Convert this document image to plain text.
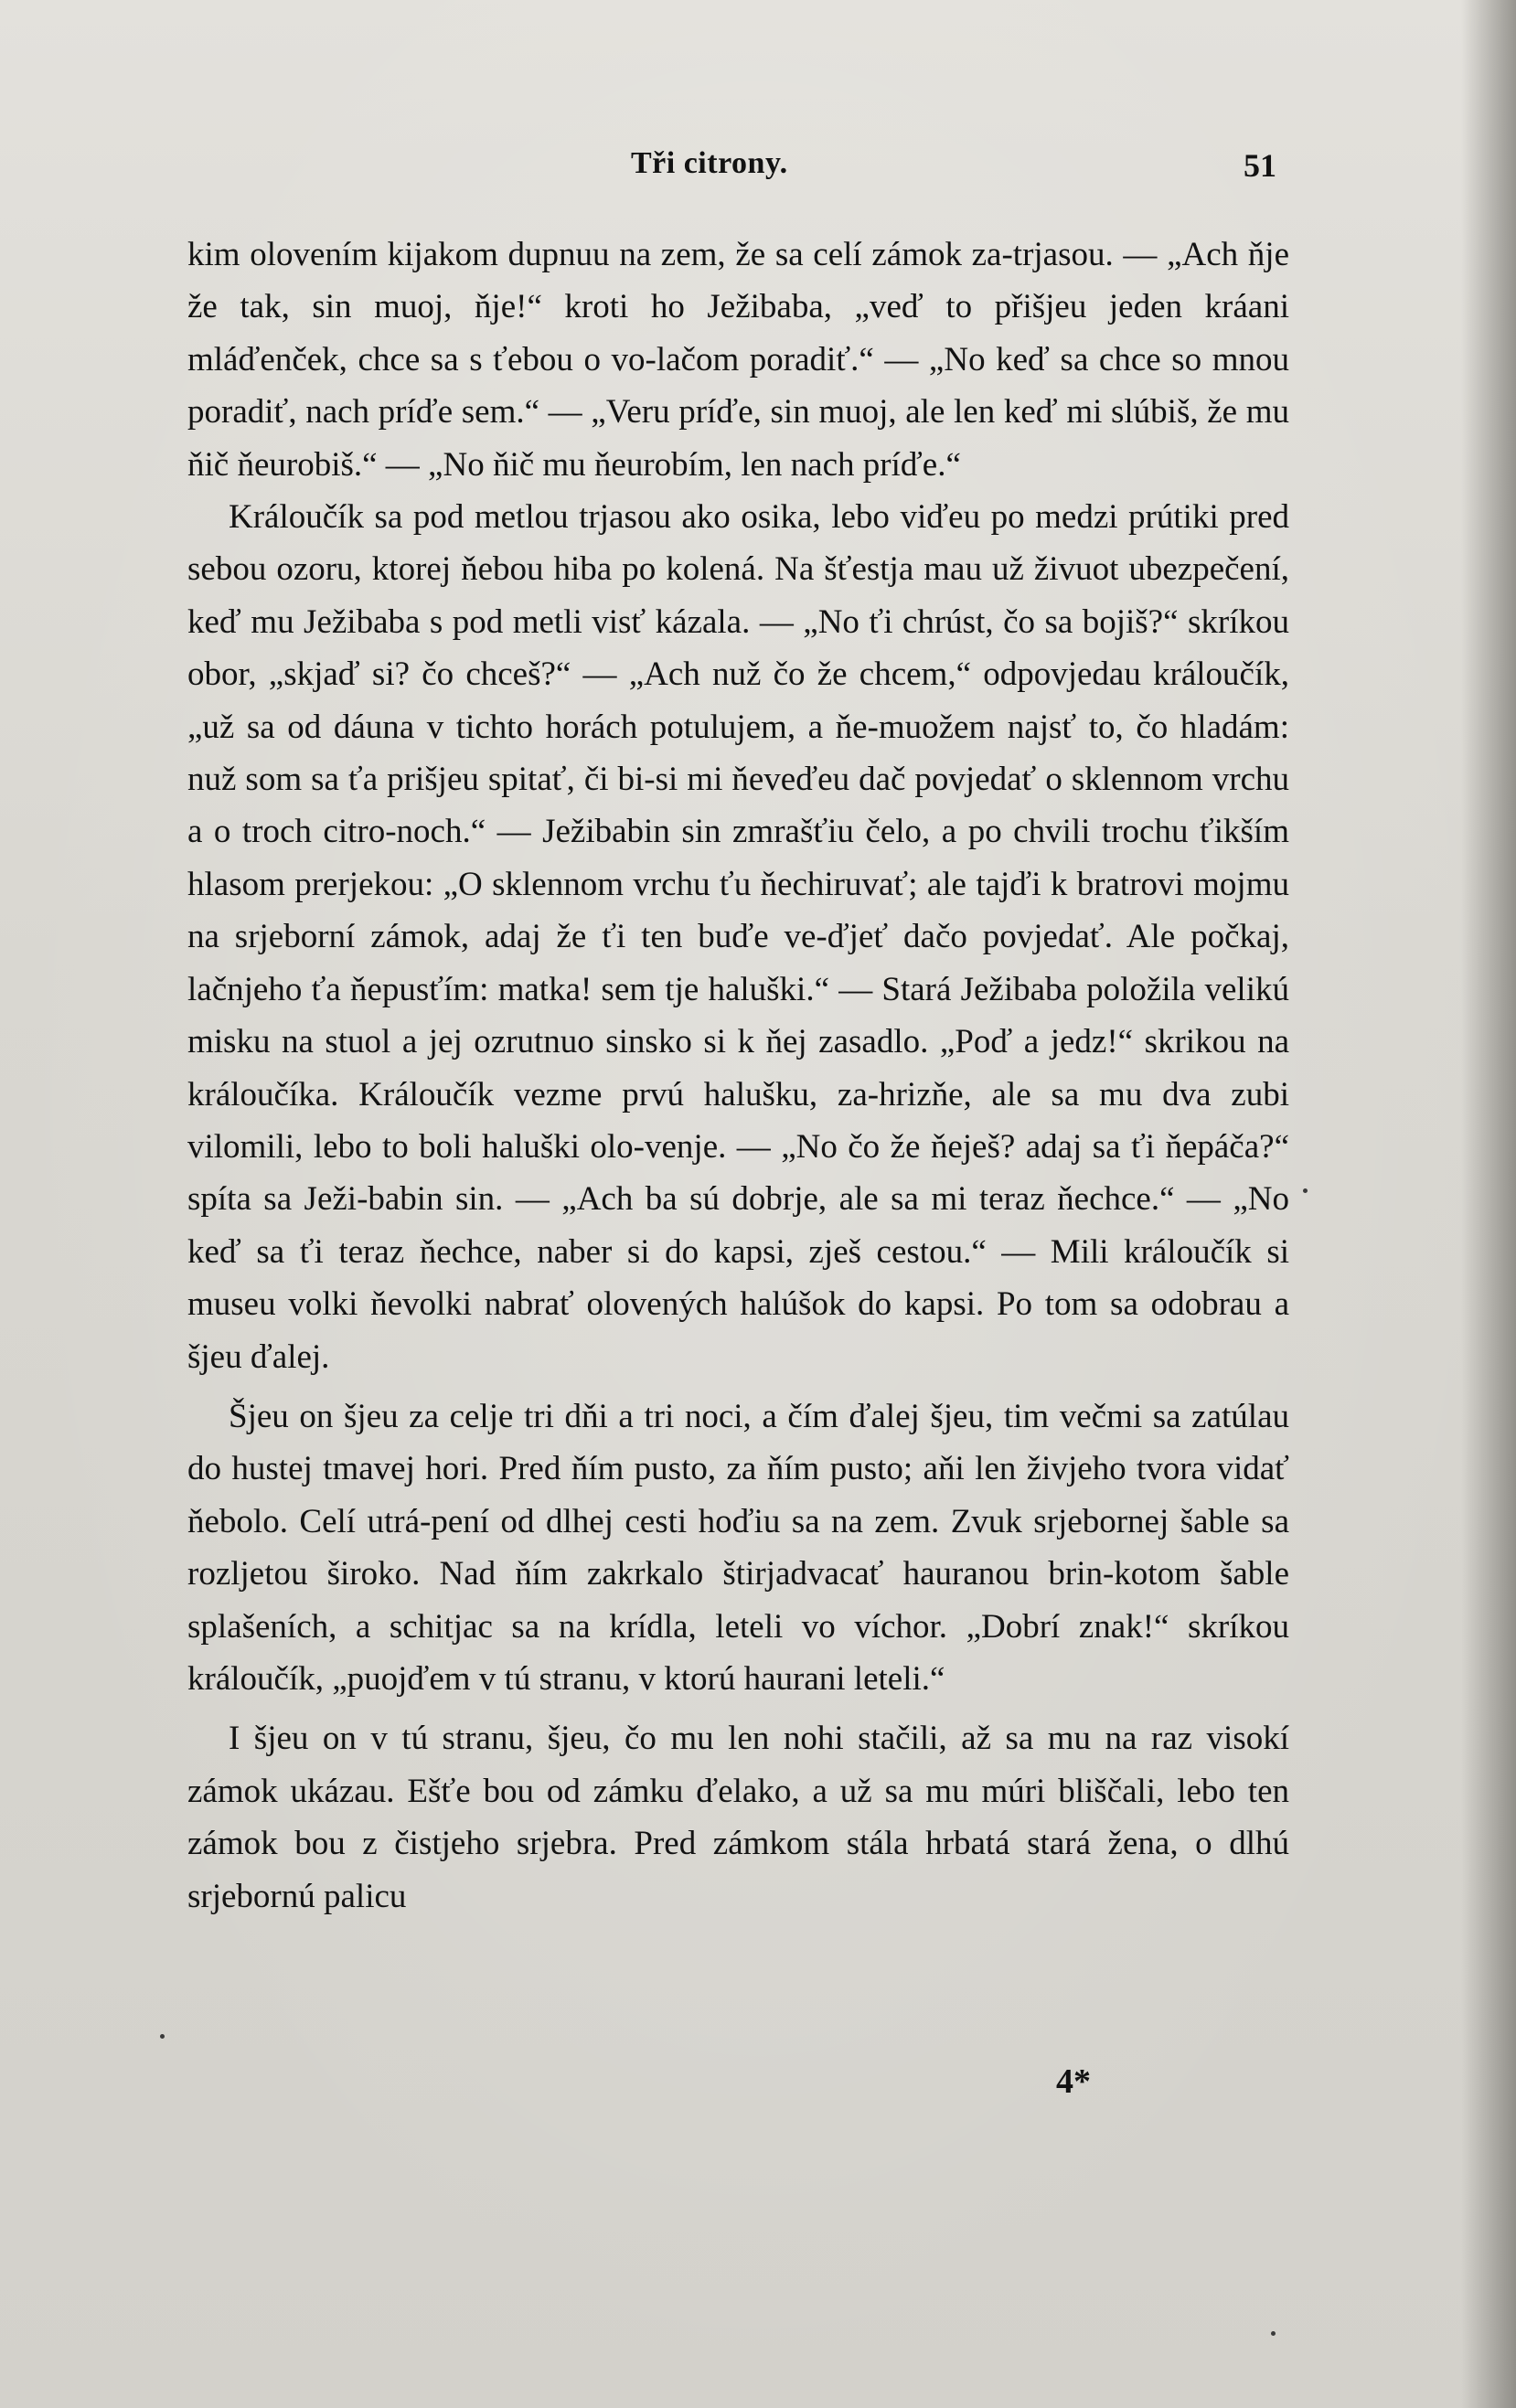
Tři citrony.	51

kim olovením kijakom dupnuu na zem, že sa celí zámok za-trjasou. — „Ach ňje že tak, sin muoj, ňje!“ kroti ho Ježibaba, „veď to přišjeu jeden kráani mláďenček, chce sa s ťebou o vo-lačom poradiť.“ — „No keď sa chce so mnou poradiť, nach príďe sem.“ — „Veru príďe, sin muoj, ale len keď mi slúbiš, že mu ňič ňeurobiš.“ — „No ňič mu ňeurobím, len nach príďe.“

Králoučík sa pod metlou trjasou ako osika, lebo viďeu po medzi prútiki pred sebou ozoru, ktorej ňebou hiba po kolená. Na šťestja mau už živuot ubezpečení, keď mu Ježibaba s pod metli visť kázala. — „No ťi chrúst, čo sa bojiš?“ skríkou obor, „skjaď si? čo chceš?“ — „Ach nuž čo že chcem,“ odpovjedau králoučík, „už sa od dáuna v tichto horách potulujem, a ňe-muožem najsť to, čo hladám: nuž som sa ťa prišjeu spitať, či bi-si mi ňeveďeu dač povjedať o sklennom vrchu a o troch citro-noch.“ — Ježibabin sin zmrašťiu čelo, a po chvili trochu ťikším hlasom prerjekou: „O sklennom vrchu ťu ňechiruvať; ale tajďi k bratrovi mojmu na srjeborní zámok, adaj že ťi ten buďe ve-ďjeť dačo povjedať. Ale počkaj, lačnjeho ťa ňepusťím: matka! sem tje haluški.“ — Stará Ježibaba položila velikú misku na stuol a jej ozrutnuo sinsko si k ňej zasadlo. „Poď a jedz!“ skrikou na králoučíka. Králoučík vezme prvú halušku, za-hrizňe, ale sa mu dva zubi vilomili, lebo to boli haluški olo-venje. — „No čo že ňeješ? adaj sa ťi ňepáča?“ spíta sa Ježi-babin sin. — „Ach ba sú dobrje, ale sa mi teraz ňechce.“ — „No keď sa ťi teraz ňechce, naber si do kapsi, zješ cestou.“ — Mili králoučík si museu volki ňevolki nabrať olovených halúšok do kapsi. Po tom sa odobrau a šjeu ďalej.

Šjeu on šjeu za celje tri dňi a tri noci, a čím ďalej šjeu, tim večmi sa zatúlau do hustej tmavej hori. Pred ňím pusto, za ňím pusto; aňi len živjeho tvora vidať ňebolo. Celí utrá-pení od dlhej cesti hoďiu sa na zem. Zvuk srjebornej šable sa rozljetou široko. Nad ňím zakrkalo štirjadvacať hauranou brin-kotom šable splašeních, a schitjac sa na krídla, leteli vo víchor. „Dobrí znak!“ skríkou králoučík, „puojďem v tú stranu, v ktorú haurani leteli.“

I šjeu on v tú stranu, šjeu, čo mu len nohi stačili, až sa mu na raz visokí zámok ukázau. Ešťe bou od zámku ďelako, a už sa mu múri bliščali, lebo ten zámok bou z čistjeho srjebra. Pred zámkom stála hrbatá stará žena, o dlhú srjebornú palicu

4*
